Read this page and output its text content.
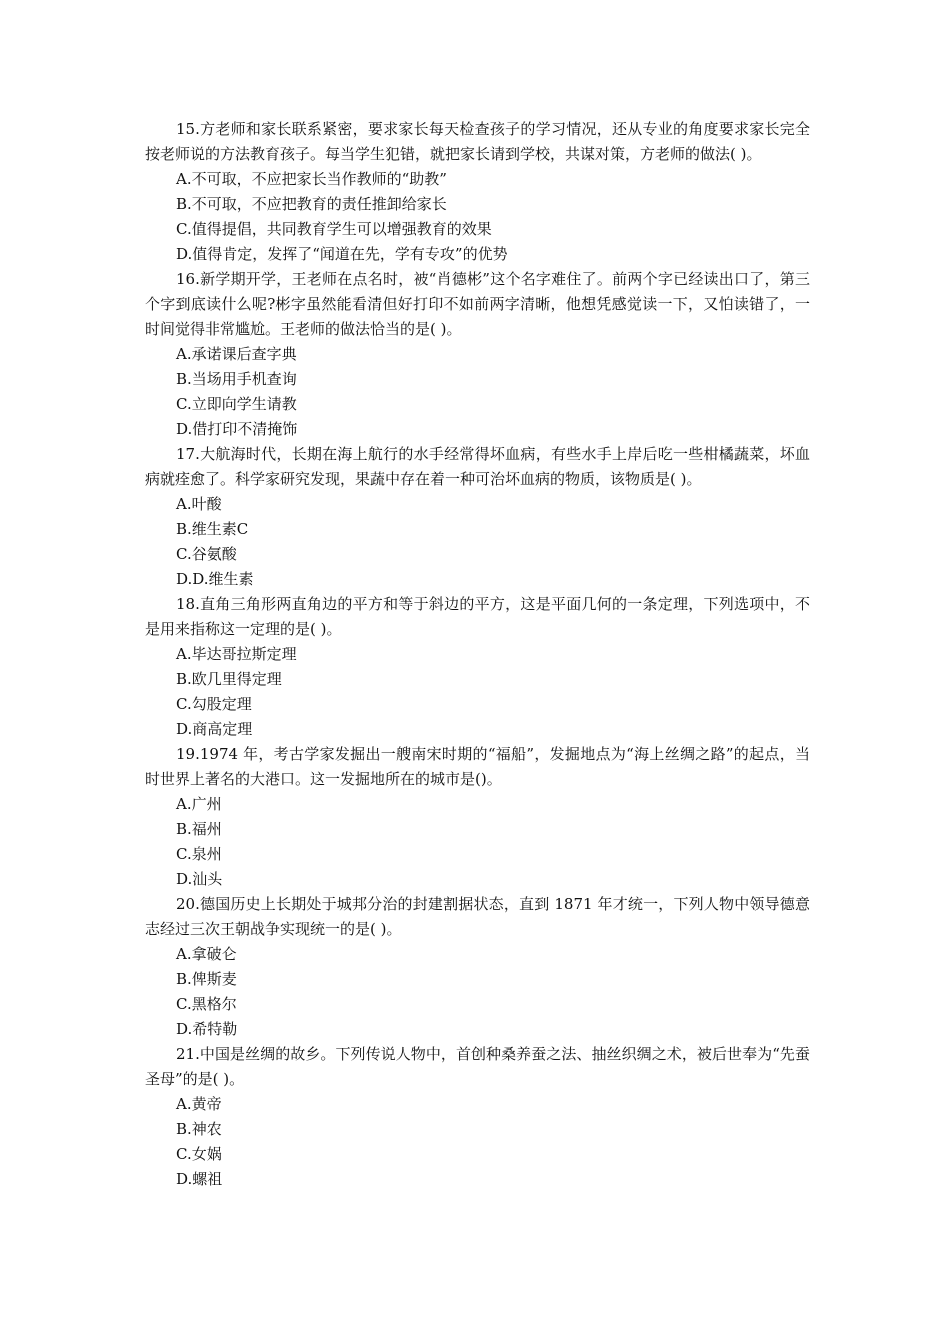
15.方老师和家长联系紧密，要求家长每天检查孩子的学习情况，还从专业的角度要求家长完全按老师说的方法教育孩子。每当学生犯错，就把家长请到学校，共谋对策，方老师的做法( )。

A.不可取，不应把家长当作教师的“助教”

B.不可取，不应把教育的责任推卸给家长

C.值得提倡，共同教育学生可以增强教育的效果

D.值得肯定，发挥了“闻道在先，学有专攻”的优势

16.新学期开学，王老师在点名时，被“肖德彬”这个名字难住了。前两个字已经读出口了，第三个字到底读什么呢?彬字虽然能看清但好打印不如前两字清晰，他想凭感觉读一下，又怕读错了，一时间觉得非常尴尬。王老师的做法恰当的是( )。

A.承诺课后查字典

B.当场用手机查询

C.立即向学生请教

D.借打印不清掩饰

17.大航海时代，长期在海上航行的水手经常得坏血病，有些水手上岸后吃一些柑橘蔬菜，坏血病就痊愈了。科学家研究发现，果蔬中存在着一种可治坏血病的物质，该物质是( )。

A.叶酸

B.维生素C

C.谷氨酸

D.D.维生素

18.直角三角形两直角边的平方和等于斜边的平方，这是平面几何的一条定理，下列选项中，不是用来指称这一定理的是( )。

A.毕达哥拉斯定理

B.欧几里得定理

C.勾股定理

D.商高定理

19.1974 年，考古学家发掘出一艘南宋时期的“福船”，发掘地点为“海上丝绸之路”的起点，当时世界上著名的大港口。这一发掘地所在的城市是()。

A.广州

B.福州

C.泉州

D.汕头

20.德国历史上长期处于城邦分治的封建割据状态，直到 1871 年才统一，下列人物中领导德意志经过三次王朝战争实现统一的是( )。

A.拿破仑

B.俾斯麦

C.黑格尔

D.希特勒

21.中国是丝绸的故乡。下列传说人物中，首创种桑养蚕之法、抽丝织绸之术，被后世奉为“先蚕圣母”的是( )。

A.黄帝

B.神农

C.女娲

D.螺祖
